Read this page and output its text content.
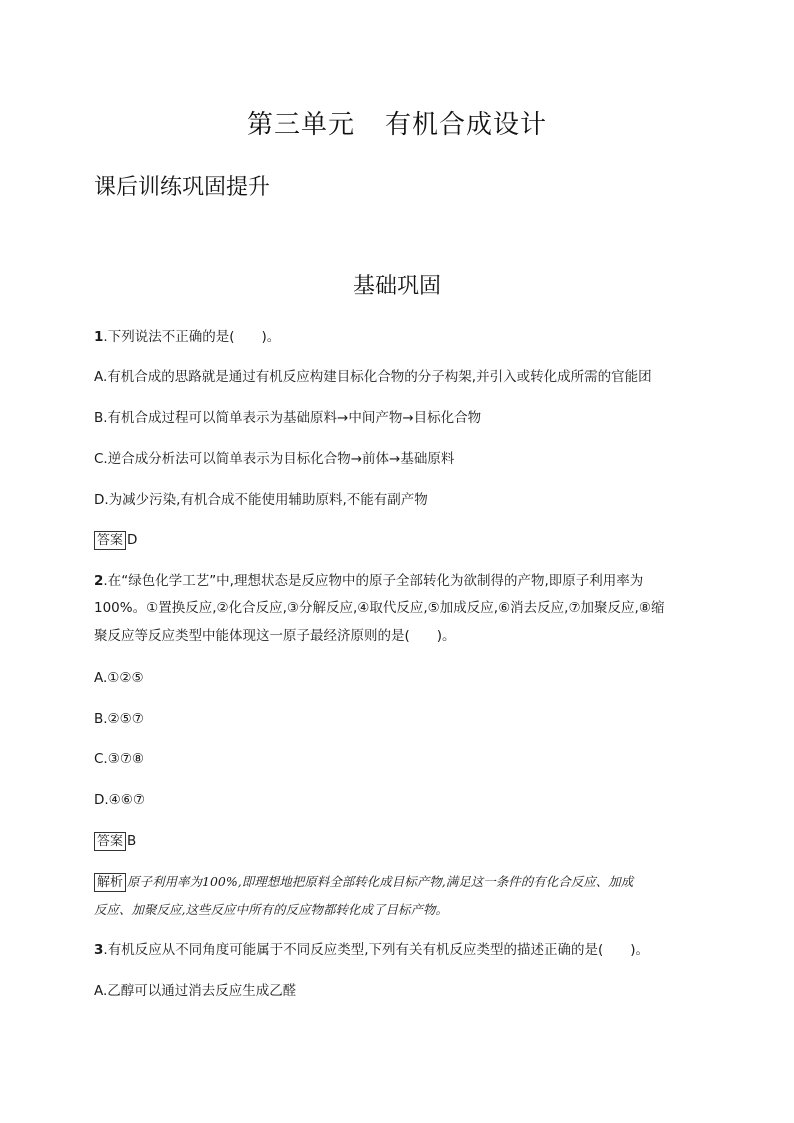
第三单元 有机合成设计
课后训练巩固提升
基础巩固
1.下列说法不正确的是(　　)。
A.有机合成的思路就是通过有机反应构建目标化合物的分子构架,并引入或转化成所需的官能团
B.有机合成过程可以简单表示为基础原料→中间产物→目标化合物
C.逆合成分析法可以简单表示为目标化合物→前体→基础原料
D.为减少污染,有机合成不能使用辅助原料,不能有副产物
答案 D
2.在“绿色化学工艺”中,理想状态是反应物中的原子全部转化为欲制得的产物,即原子利用率为
100%。①置换反应,②化合反应,③分解反应,④取代反应,⑤加成反应,⑥消去反应,⑦加聚反应,⑧缩
聚反应等反应类型中能体现这一原子最经济原则的是(　　)。
A.①②⑤
B.②⑤⑦
C.③⑦⑧
D.④⑥⑦
答案 B
解析 原子利用率为100%,即理想地把原料全部转化成目标产物,满足这一条件的有化合反应、加成
反应、加聚反应,这些反应中所有的反应物都转化成了目标产物。
3.有机反应从不同角度可能属于不同反应类型,下列有关有机反应类型的描述正确的是(　　)。
A.乙醇可以通过消去反应生成乙醛
